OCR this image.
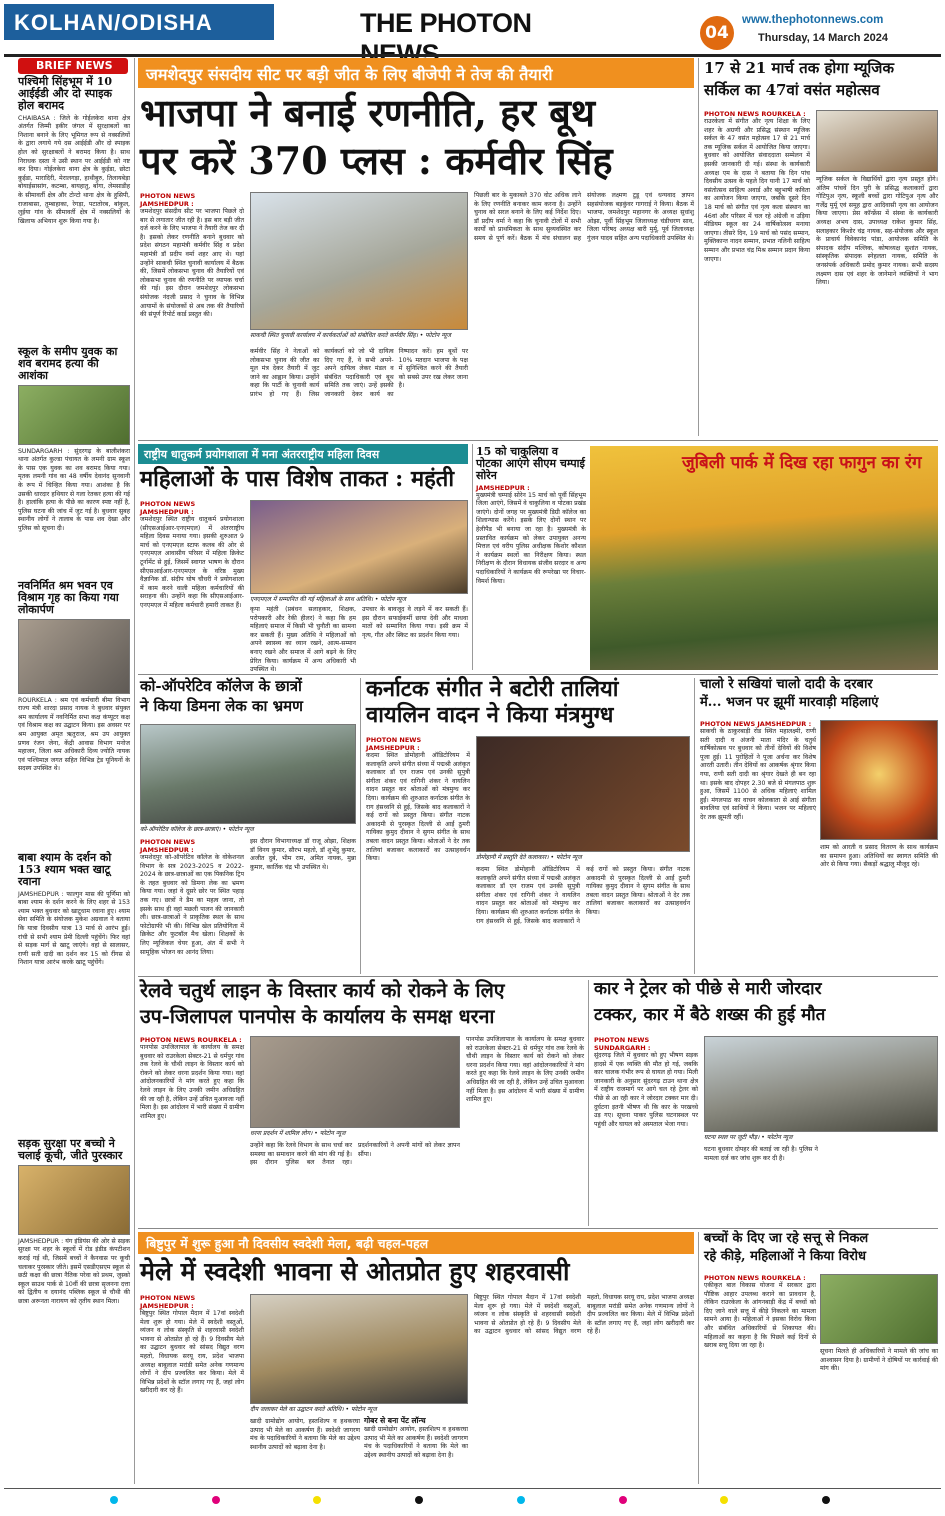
KOLHAN/ODISHA	THE PHOTON	04
www.thephotonnews.com
Thursday, 14 March 2024
BRIEF NEWS
पश्चिमी सिंहभूम में 10 आईईडी और दो स्पाइक होल बरामद
CHAIBASA : जिले के गोईलकेरा थाना क्षेत्र अंतर्गत जिम्मी इकीर जंगल में सुरक्षाबलों का निशाना बनाने के लिए भूमिगत रूप से नक्सलियों के द्वारा लगाये गये दस आईईडी और दो स्पाइक होल को सुरक्षाबलों ने बरामद किया है। साथ निराधक दस्ता ने उसी स्थान पर आईईडी को नष्ट कर दिया। गोईलकेरा थाना क्षेत्र के कुईडा, छोटा कुईडा, मारादिरी, मेरालगड़ा, हाथीबुरु, तिलायबेड़ा बोयाईसासांग, कटम्बा, बायहातु, बोंगा, लेमसाडीह के सीमावर्ती क्षेत्र और टोन्टो थाना क्षेत्र के हुसिपी, राजाबासा, तुम्बाहाका, रेगड़ा, पटातोरब, बांकुल, लुईया गांव के सीमावर्ती क्षेत्र में नक्सलियों के खिलाफ अभियान शुरू किया गया है।
स्कूल के समीप युवक का शव बरामद हत्या की आशंका
SUNDARGARH : सुंदरगढ़ के बालीशंकरा थाना अंतर्गत कुल्डा पंचायत के लमनी ग्राम स्कूल के पास एक युवक का शव बरामद किया गया। मृतक लमनी गांव का 48 वर्षीय देवानंद सुनवानी के रूप में चिन्हित किया गया। आशंका है कि उसकी धारदार हथियार से गला रेतकर हत्या की गई है। हालांकि हत्या के पीछे का कारण स्पष्ट नहीं है, पुलिस घटना की जांच में जुट गई है। बुधवार सुबह स्थानीय लोगों ने तालाब के पास शव देखा और पुलिस को सूचना दी।
नवनिर्मित श्रम भवन एव विश्राम गृह का किया गया लोकार्पण
ROURKELA : श्रम एवं कर्मचारी बीमा विभाग राज्य मंत्री शारदा प्रसाद नायक ने बुधवार संयुक्त श्रम कार्यालय में नवनिर्मित सभा कक्ष कंप्यूटर कक्ष एवं विश्राम कक्ष का उद्घाटन किया। इस अवसर पर श्रम आयुक्त अमृत ऋतुराज, श्रम उप आयुक्त प्रणव रंजन जेना, केंद्री आवास विभाग मनोज महाजन, जिला श्रम अधिकारी दिव्य ज्योति नायक एवं पश्चिमाज्ञ जगत सहित विभिन्न ट्रेड यूनियनों के सदस्य उपस्थित थे।
बाबा श्याम के दर्शन को 153 श्याम भक्त खाटू रवाना
JAMSHEDPUR : फाल्गुन मास की पूर्णिमा को बाबा श्याम के दर्शन करने के लिए शहर से 153 श्याम भक्त बुधवार को खाटूधाम रवाना हुए। श्याम सेवा समिति के संयोजक मुकेश अग्रवाल ने बताया कि यात्रा दिवसीय यात्रा 13 मार्च से आरंभ हुई। रांची से सभी श्याम प्रेमी दिल्ली पहुंचेंगे। फिर वहां से सड़क मार्ग से खाटू जाएंगे। वहां से सालासर, राणी सती दादी का दर्शन कर 15 को रींगस से निशान यात्रा आरंभ करके खाटू पहुंचेंगे।
सड़क सुरक्षा पर बच्चो ने चलाई कूची, जीते पुरस्कार
JAMSHEDPUR : यंग इंडियंस की ओर से सड़क सुरक्षा पर शहर के स्कूलों में रोड इंडीड कंपटीशन कराई गई थी, जिसमें बच्चों ने कैनवास पर कूची चलाकर पुरस्कार जीते। इसमें एसडीएसएम स्कूल से छठी कक्षा की छात्रा नैतिक परेवा को प्रथम, जुस्को स्कूल साउथ पार्क से 10वीं की छात्रा सृजनना दत्ता को द्वितीय व दयानंद पब्लिक स्कूल से चौथी की छात्रा अरूनता नारायण को तृतीय स्थान मिला।
जमशेदपुर संसदीय सीट पर बड़ी जीत के लिए बीजेपी ने तेज की तैयारी
भाजपा ने बनाई रणनीति, हर बूथ
पर करें 370 प्लस : कर्मवीर सिंह
PHOTON NEWS JAMSHEDPUR :
जमशेदपुर संसदीय सीट पर भाजपा पिछले दो बार से लगातार जीत रही है। इस बार बड़ी जीत दर्ज करने के लिए भाजपा ने तैयारी तेज कर दी है। इसको लेकर रणनीति बनाने बुधवार को प्रदेश संगठन महामंत्री कर्मवीर सिंह व प्रदेश महामंत्री डॉ प्रदीप वर्मा शहर आए थे। यहां उन्होंने साकची स्थित चुनावी कार्यालय में बैठक की, जिसमें लोकसभा चुनाव की तैयारियों एवं लोकसभा चुनाव की रणनीति पर व्यापक चर्चा की गई। इस दौरान जमशेदपुर लोकसभा संयोजक नंदजी प्रसाद ने चुनाव के विभिन्न आयामों के संयोजकों से अब तक की तैयारियों की संपूर्ण रिपोर्ट कार्ड प्रस्तुत की।
साकची स्थित चुनावी कार्यालय में कार्यकर्ताओं को संबोधित करते कर्मवीर सिंह। • फोटोन न्यूज
कर्मवीर सिंह ने नेताओं को लोकसभा चुनाव की जीत का मूल मंत्र देकर तैयारी में जुट जाने का आह्वान किया। उन्होंने कहा कि पार्टी के चुनावी कार्य प्रारंभ हो गए हैं। जिस कार्यकर्ता को जो भी दायित्व दिए गए हैं, वे सभी अपने-अपने दायित्व लेकर मंडल व संबंधित पदाधिकारी एवं बूथ समिति तक जाएं। उन्हें इसकी जानकारी देकर कार्य का निष्पादन करें। हम बूथों पर 10% मतदान भाजपा के पक्ष में सुनिश्चित करने की तैयारी को सबसे उपर रख लेकर जाना है।
पिछली बार के मुकाबले 370 वोट अधिक लाने के लिए रणनीति बनाकर काम करना है। उन्होंने चुनाव को सरल बनाने के लिए कई निर्देश दिए। डॉ प्रदीप वर्मा ने कहा कि चुनावी टोलों में सभी कार्यों को प्राथमिकता के साथ सुव्यवस्थित कर समय से पूर्ण करें। बैठक में मंच संचालन सह संयोजक लक्ष्मण टुडू एवं धन्यवाद ज्ञापन सहसंयोजक बड़कुंवर गागराई ने किया। बैठक में भाजपा, जमशेदपुर महानगर के अध्यक्ष सुधांशु ओझा, पूर्वी सिंहभूम जिलाध्यक्ष चंडीचरण साव, जिला परिषद अध्यक्ष बारी मुर्मू, पूर्व जिलाध्यक्ष गुंजन यादव सहित अन्य पदाधिकारी उपस्थित थे।
17 से 21 मार्च तक होगा म्यूजिक
सर्किल का 47वां वसंत महोत्सव
PHOTON NEWS ROURKELA :
राउरकेला में संगीत और नृत्य शिक्षा के लिए शहर के अग्रणी और प्रसिद्ध संस्थान म्यूजिक सर्कल के 47 वसंत महोत्सव 17 से 21 मार्च तक म्यूजिक सर्कल में आयोजित किया जाएगा। बुधवार को आयोजित संवाददाता सम्मेलन में इसकी जानकारी दी गई। संस्था के कार्यकारी अध्यक्ष एम के दास ने बताया कि दिन पांच दिवसीय उत्सव के पहले दिन यानी 17 मार्च को वसंतोत्सव साहित्य अवार्ड और बहुभाषी कविता का आयोजन किया जाएगा, जबकि दूसरे दिन 18 मार्च को संगीत एवं नृत्य कला संस्थान का 46वां और परिसर में चल रहे अंग्रेजी व उड़िया मीडियम स्कूल का 24 वार्षिकोत्सव मनाया जाएगा। तीसरे दिन, 19 मार्च को पसंद सम्मान, मुक्तिकान्त नादन सम्मान, प्रभात नलिनी साहित्य सम्मान और प्रभात चंद्र मिश्र सम्मान प्रदान किया जाएगा।
म्यूजिक सर्कल के विद्यार्थियों द्वारा नृत्य प्रस्तुत होंगे। अंतिम पांचवें दिन पुरी के प्रसिद्ध कलाकारों द्वारा गोटिपुअ नृत्य, स्कूली बच्चों द्वारा गोटिपुअ नृत्य और गर्जेंद्र मुर्मू एवं समूह द्वारा आदिवासी नृत्य का आयोजन किया जाएगा। प्रेस कॉन्फ्रेंस में संस्था के कार्यकारी अध्यक्ष अभय दास, उपाध्यक्ष राकेश कुमार सिंह, सलाहकार किशोर चंद्र नायक, सह-संयोजक और स्कूल के प्राचार्य विवेकानंद पांडा, आयोजक समिति के संपादक संदीप मल्लिक, कोषाध्यक्ष सुशांत नायक, सांस्कृतिक संपादक स्नेहलता नायक, समिति के जनसंपर्क अधिकारी प्रमोद कुमार नायक। सभी सदस्य लक्ष्मण दास एवं शहर के जानेमाने व्यक्तियों ने भाग लिया।
राष्ट्रीय धातुकर्म प्रयोगशाला में मना अंतरराष्ट्रीय महिला दिवस
महिलाओं के पास विशेष ताकत : महंती
PHOTON NEWS JAMSHEDPUR :
जमशेदपुर स्थित राष्ट्रीय धातुकर्म प्रयोगशाला (सीएसआईआर-एनएमएल) में अंतरराष्ट्रीय महिला दिवस मनाया गया। इसकी शुरुआत 9 मार्च को एनएमएल स्टाफ कलब की ओर से एनएमएल आवासीय परिसर में महिला क्रिकेट टूर्नामेंट से हुई, जिसमें स्वागत भाषण के दौरान सीएसआईआर-एनएमएल के वरिष्ठ मुख्य वैज्ञानिक डॉ. संदीप घोष चौधरी ने प्रयोगशाला में काम करने वाली महिला कर्मचारियों की सराहना की। उन्होंने कहा कि सीएसआईआर-एनएमएल में महिला कर्मचारी हमारी ताकत हैं।
एनएमएल में सम्मानित की गई महिलाओं के साथ अतिथि। • फोटोन न्यूज
कृपा महंती (प्रबंधन सलाहकार, शिक्षक, परोपकारी और रेकी हीलर) ने कहा कि हम महिलाएं समाज में किसी भी चुनौती का सामना कर सकती हैं। मुख्य अतिथि ने महिलाओं को अपने स्वास्थ्य का ध्यान रखने, आत्म-सम्मान बनाए रखने और समाज में आगे बढ़ने के लिए प्रेरित किया। कार्यक्रम में अन्य अधिकारी भी उपस्थित थे।
उपचार के बावजूद वे लड़ने में कर सकती हैं। इस दौरान सफाईकर्मी छाया देवी और माधवा मातों को सम्मानित किया गया। इसी क्रम में नृत्य, गीत और स्किट का प्रदर्शन किया गया।
15 को चाकुलिया व पोटका आएंगे सीएम चम्पाई सोरेन
JAMSHEDPUR :
मुख्यमंत्री चम्पाई सोरेन 15 मार्च को पूर्वी सिंहभूम जिला आएंगे, जिसमें वे चाकुलिया व पोटका प्रखंड जाएंगे। दोनों जगह पर मुख्यमंत्री डिग्री कॉलेज का शिलान्यास करेंगे। इसके लिए दोनों स्थान पर हेलीपैड भी बनाया जा रहा है। मुख्यमंत्री के प्रस्तावित कार्यक्रम को लेकर उपायुक्त अनन्य मित्तल एवं वरीय पुलिस अधीक्षक किशोर कौशल ने कार्यक्रम स्थलों का निरीक्षण किया। स्थल निरीक्षण के दौरान विधायक संजीव सरदार व अन्य पदाधिकारियों ने कार्यक्रम की रूपरेखा पर विचार-विमर्श किया।
जुबिली पार्क में दिख रहा फागुन का रंग
को-ऑपरेटिव कॉलेज के छात्रों
ने किया डिमना लेक का भ्रमण
को-ऑपरेटिव कॉलेज के छात्र-छात्राएं। • फोटोन न्यूज
PHOTON NEWS JAMSHEDPUR :
जमशेदपुर को-ऑपरेटिव कॉलेज के वोकेशनल विभाग के सत्र 2023-2025 व 2022-2024 के छात्र-छात्राओं का एक पिकनिक ट्रिप के तहत बुधवार को डिमना लेक का भ्रमण किया गया। जहां वे दूसरे छोर पर स्थित पहाड़ तक गए। छात्रों ने डैम का महत्व जाना, तो इसके साथ ही वहां मछली पालन की जानकारी ली। छात्र-छात्राओं ने प्राकृतिक स्थल के साथ फोटोग्राफी भी की। विभिन्न खेल प्रतियोगिता में क्रिकेट और फुटबॉल मैच खेला। शिक्षकों के लिए म्यूजिकल चेयर हुआ, अंत में सभी ने सामूहिक भोजन का आनंद लिया।
इस दौरान विभागाध्यक्ष डॉ राजू ओझा, शिक्षक डॉ विनय कुमार, सौरभ महतो, डॉ शुभेंदु कुमार, अजीत दुबे, भीम राम, अमित नायक, मुन्ना कुमार, कार्तिक चंद्र भी उपस्थित थे।
कर्नाटक संगीत ने बटोरी तालियां
वायलिन वादन ने किया मंत्रमुग्ध
PHOTON NEWS JAMSHEDPUR :
कदमा स्थित डोमोहानी ऑडिटोरियम में कलाकृति अपने संगीत संध्या में पद्मश्री अलंकृत कलाकार डॉ एन राजम एवं उनकी सुपुत्री संगीता शंकर एवं रागिनी शंकर ने वायलिन वादन प्रस्तुत कर श्रोताओं को मंत्रमुग्ध कर दिया। कार्यक्रम की शुरुआत कर्नाटक संगीत के राग हंसध्वनि से हुई, जिसके बाद कलाकारों ने कई रागों को प्रस्तुत किया। संगीत नाटक अकादमी से पुरस्कृत दिल्ली से आईं ठुमरी गायिका कुमुद दीवान ने सुगम संगीत के साथ तबला वादन प्रस्तुत किया। श्रोताओं ने देर तक तालियां बजाकर कलाकारों का उत्साहवर्धन किया।	डोमोहानी में प्रस्तुति देते कलाकार। • फोटोन न्यूज
कदमा स्थित डोमोहानी ऑडिटोरियम में कलाकृति अपने संगीत संध्या में पद्मश्री अलंकृत कलाकार डॉ एन राजम एवं उनकी सुपुत्री संगीता शंकर एवं रागिनी शंकर ने वायलिन वादन प्रस्तुत कर श्रोताओं को मंत्रमुग्ध कर दिया। कार्यक्रम की शुरुआत कर्नाटक संगीत के राग हंसध्वनि से हुई, जिसके बाद कलाकारों ने कई रागों को प्रस्तुत किया। संगीत नाटक अकादमी से पुरस्कृत दिल्ली से आईं ठुमरी गायिका कुमुद दीवान ने सुगम संगीत के साथ तबला वादन प्रस्तुत किया। श्रोताओं ने देर तक तालियां बजाकर कलाकारों का उत्साहवर्धन किया।
चालो रे सखियां चालो दादी के दरबार
में... भजन पर झूमीं मारवाड़ी महिलाएं
PHOTON NEWS JAMSHEDPUR :
साकची के ठाकुरबाड़ी रोड स्थित महालक्ष्मी, राणी सती दादी व अंजनी माता मंदिर के चतुर्थ वार्षिकोत्सव पर बुधवार को तीनों देवियों की विशेष पूजा हुई। 11 पुरोहितों ने पूजा अर्चना कर विशेष आरती उतारी। तीन देवियों का आकर्षक श्रृंगार किया गया, राणी सती दादी का श्रृंगार देखते ही बन रहा था। इसके बाद दोपहर 2.30 बजे से मंगलपाठ शुरू हुआ, जिसमें 1100 से अधिक महिलाएं शामिल हुईं। मंगलपाठ का वाचन कोलकाता से आई संगीता बावलिया एवं साथियों ने किया। भजन पर महिलाएं देर तक झूमती रहीं।
शाम को आरती व प्रसाद वितरण के साथ कार्यक्रम का समापन हुआ। अतिथियों का स्वागत समिति की ओर से किया गया। सैकड़ों श्रद्धालु मौजूद रहे।
रेलवे चतुर्थ लाइन के विस्तार कार्य को रोकने के लिए
उप-जिलापल पानपोस के कार्यालय के समक्ष धरना
PHOTON NEWS ROURKELA :
पानपोस उपजिलापाल के कार्यालय के समक्ष बुधवार को राउरकेला सेक्टर-21 से धर्मपुर गांव तक रेलवे के चौथी लाइन के विस्तार कार्य को रोकने को लेकर धरना प्रदर्शन किया गया। वहां आंदोलनकारियों ने मांग करते हुए कहा कि रेलवे लाइन के लिए उनकी जमीन अधिग्रहित की जा रही है, लेकिन उन्हें उचित मुआवजा नहीं मिला है। इस आंदोलन में भारी संख्या में ग्रामीण शामिल हुए।
धरना प्रदर्शन में शामिल लोग। • फोटोन न्यूज
उन्होंने कहा कि रेलवे विभाग के साथ चर्चा कर समस्या का समाधान करने की मांग की गई है। इस दौरान पुलिस बल तैनात रहा। प्रदर्शनकारियों ने अपनी मांगों को लेकर ज्ञापन सौंपा।
पानपोस उपजिलापाल के कार्यालय के समक्ष बुधवार को राउरकेला सेक्टर-21 से धर्मपुर गांव तक रेलवे के चौथी लाइन के विस्तार कार्य को रोकने को लेकर धरना प्रदर्शन किया गया। वहां आंदोलनकारियों ने मांग करते हुए कहा कि रेलवे लाइन के लिए उनकी जमीन अधिग्रहित की जा रही है, लेकिन उन्हें उचित मुआवजा नहीं मिला है। इस आंदोलन में भारी संख्या में ग्रामीण शामिल हुए।
कार ने ट्रेलर को पीछे से मारी जोरदार
टक्कर, कार में बैठे शख्स की हुई मौत
PHOTON NEWS SUNDARGARH :
सुंदरगढ़ जिले में बुधवार को हुए भीषण सड़क हादसे में एक व्यक्ति की मौत हो गई, जबकि कार चालक गंभीर रूप से घायल हो गया। मिली जानकारी के अनुसार सुंदरगढ़ टाउन थाना क्षेत्र में राष्ट्रीय राजमार्ग पर आगे चल रहे ट्रेलर को पीछे से आ रही कार ने जोरदार टक्कर मार दी। दुर्घटना इतनी भीषण थी कि कार के परखच्चे उड़ गए। सूचना पाकर पुलिस घटनास्थल पर पहुंची और घायल को अस्पताल भेजा गया।
घटना स्थल पर जुटी भीड़। • फोटोन न्यूज
घटना बुधवार दोपहर की बताई जा रही है। पुलिस ने मामला दर्ज कर जांच शुरू कर दी है।
बिष्टुपुर में शुरू हुआ नौ दिवसीय स्वदेशी मेला, बढ़ी चहल-पहल
मेले में स्वदेशी भावना से ओतप्रोत हुए शहरवासी
PHOTON NEWS JAMSHEDPUR :
बिष्टुपुर स्थित गोपाल मैदान में 17वां स्वदेशी मेला शुरू हो गया। मेले में स्वदेशी वस्तुओं, व्यंजन व लोक संस्कृति से शहरवासी स्वदेशी भावना से ओतप्रोत हो रहे हैं। 9 दिवसीय मेले का उद्घाटन बुधवार को सांसद विद्युत वरण महतो, विधायक सरयू राय, प्रदेश भाजपा अध्यक्ष बाबूलाल मरांडी समेत अनेक गणमान्य लोगों ने दीप प्रज्वलित कर किया। मेले में विभिन्न प्रदेशों के स्टॉल लगाए गए हैं, जहां लोग खरीदारी कर रहे हैं।
दीप जलाकर मेले का उद्घाटन करते अतिथि। • फोटोन न्यूज
खादी ग्रामोद्योग आयोग, हस्तशिल्प व हथकरघा उत्पाद भी मेले का आकर्षण हैं। स्वदेशी जागरण मंच के पदाधिकारियों ने बताया कि मेले का उद्देश्य स्थानीय उत्पादों को बढ़ावा देना है।
गोबर से बना पेंट लॉन्च
खादी ग्रामोद्योग आयोग, हस्तशिल्प व हथकरघा उत्पाद भी मेले का आकर्षण हैं। स्वदेशी जागरण मंच के पदाधिकारियों ने बताया कि मेले का उद्देश्य स्थानीय उत्पादों को बढ़ावा देना है।
बिष्टुपुर स्थित गोपाल मैदान में 17वां स्वदेशी मेला शुरू हो गया। मेले में स्वदेशी वस्तुओं, व्यंजन व लोक संस्कृति से शहरवासी स्वदेशी भावना से ओतप्रोत हो रहे हैं। 9 दिवसीय मेले का उद्घाटन बुधवार को सांसद विद्युत वरण महतो, विधायक सरयू राय, प्रदेश भाजपा अध्यक्ष बाबूलाल मरांडी समेत अनेक गणमान्य लोगों ने दीप प्रज्वलित कर किया। मेले में विभिन्न प्रदेशों के स्टॉल लगाए गए हैं, जहां लोग खरीदारी कर रहे हैं।
बच्चों के दिए जा रहे सत्तू से निकल
रहे कीड़े, महिलाओं ने किया विरोध
PHOTON NEWS ROURKELA :
एकीकृत बाल विकास योजना में सरकार द्वारा पौष्टिक आहार उपलब्ध कराने का प्रावधान है, लेकिन राउरकेला के आंगनबाड़ी केंद्र में बच्चों को दिए जाने वाले सत्तू में कीड़े निकलने का मामला सामने आया है। महिलाओं ने इसका विरोध किया और संबंधित अधिकारियों से शिकायत की। महिलाओं का कहना है कि पिछले कई दिनों से खराब सत्तू दिया जा रहा है।
सूचना मिलते ही अधिकारियों ने मामले की जांच का आश्वासन दिया है। ग्रामीणों ने दोषियों पर कार्रवाई की मांग की।
